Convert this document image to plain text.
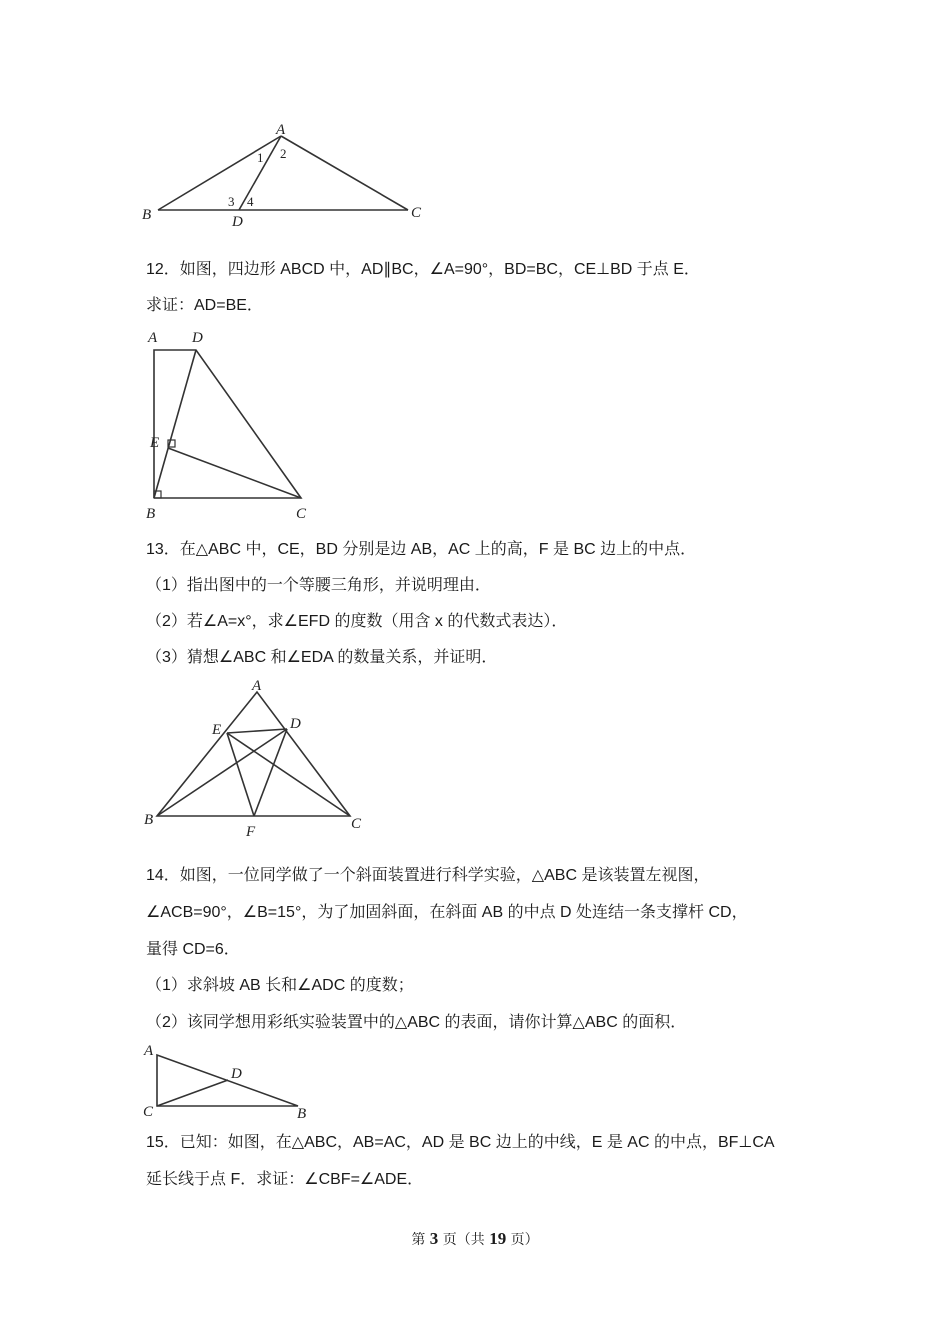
A
B	C
D
1 2
3 4
12．如图，四边形 ABCD 中，AD∥BC，∠A=90°，BD=BC，CE⊥BD 于点 E．
求证：AD=BE．
A D
E
B	C
13．在△ABC 中，CE，BD 分别是边 AB，AC 上的高，F 是 BC 边上的中点．
（1）指出图中的一个等腰三角形，并说明理由．
（2）若∠A=x°，求∠EFD 的度数（用含 x 的代数式表达）．
（3）猜想∠ABC 和∠EDA 的数量关系，并证明．
A
E	D
B	C
F
14．如图，一位同学做了一个斜面装置进行科学实验，△ABC 是该装置左视图，
∠ACB=90°，∠B=15°，为了加固斜面，在斜面 AB 的中点 D 处连结一条支撑杆 CD，
量得 CD=6．
（1）求斜坡 AB 长和∠ADC 的度数；
（2）该同学想用彩纸实验装置中的△ABC 的表面，请你计算△ABC 的面积．
A
D
C	B
15．已知：如图，在△ABC，AB=AC，AD 是 BC 边上的中线，E 是 AC 的中点，BF⊥CA
延长线于点 F．求证：∠CBF=∠ADE．
第 3 页（共 19 页）
